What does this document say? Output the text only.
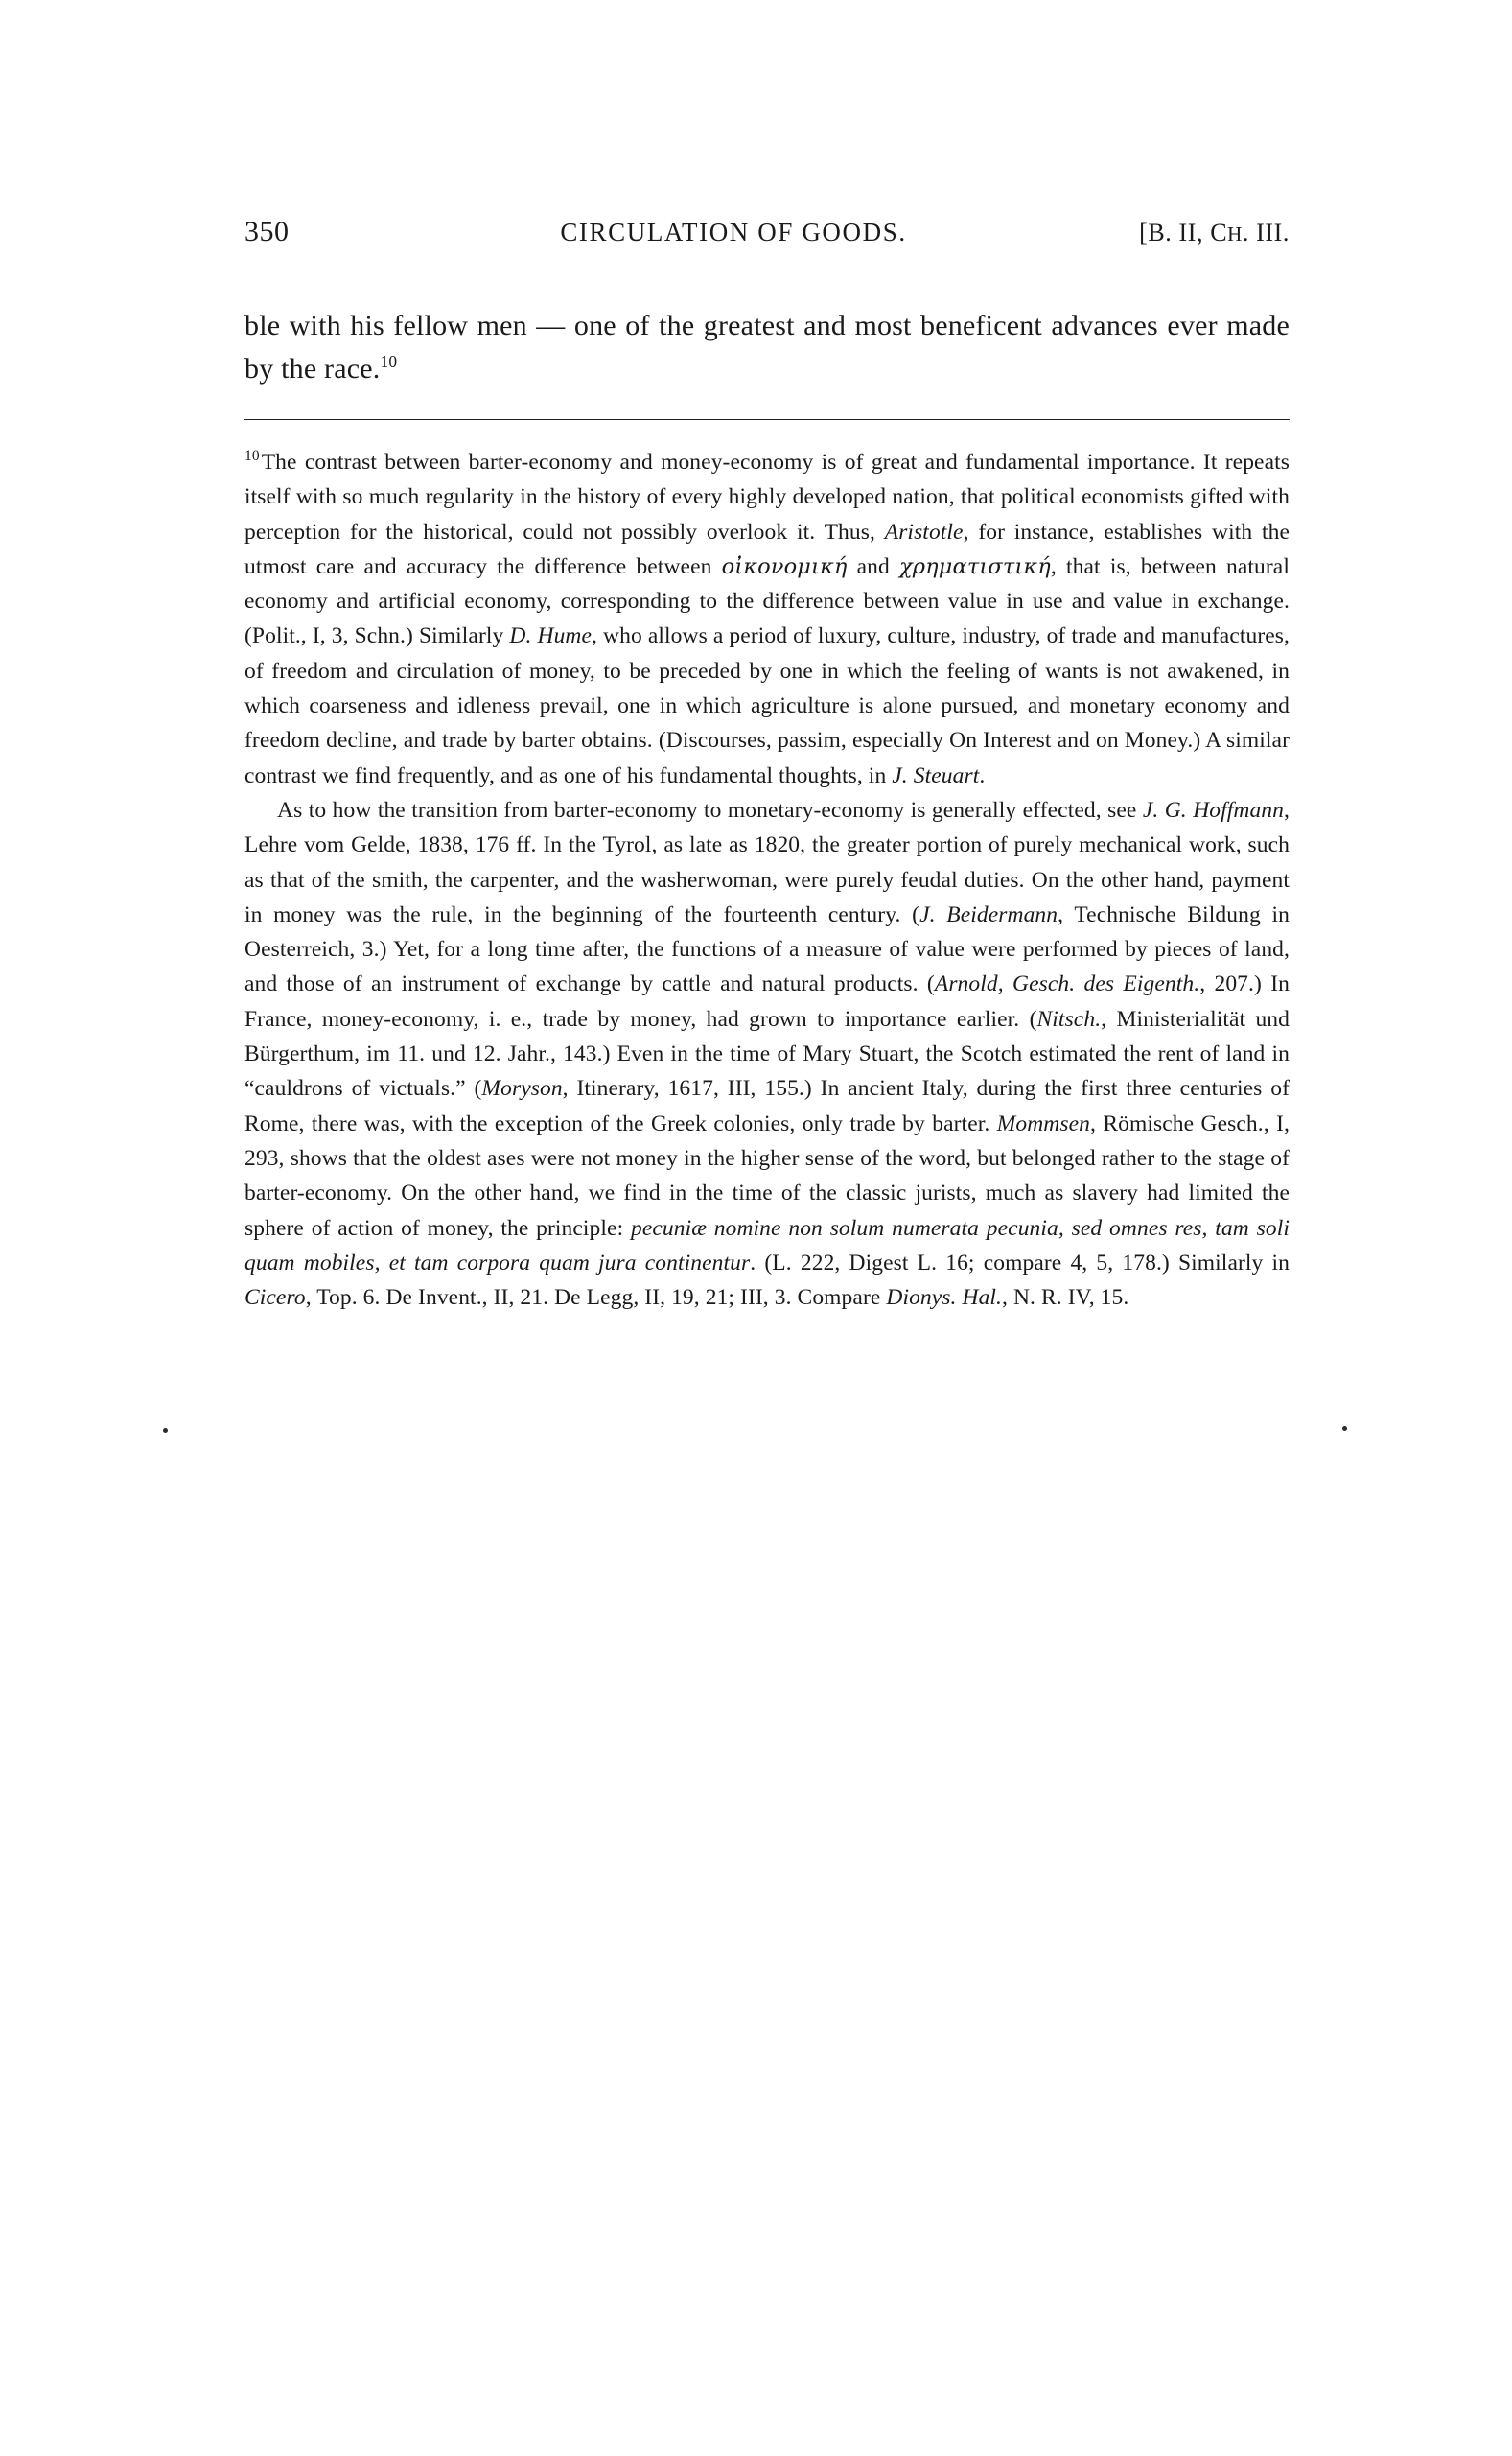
350	CIRCULATION OF GOODS.	[B. II, CH. III.
ble with his fellow men — one of the greatest and most beneficent advances ever made by the race.$^{10}$

$^{10}$The contrast between barter-economy and money-economy is of great and fundamental importance. It repeats itself with so much regularity in the history of every highly developed nation, that political economists gifted with perception for the historical, could not possibly overlook it. Thus, Aristotle, for instance, establishes with the utmost care and accuracy the difference between οἰκονομική and χρηματιστική, that is, between natural economy and artificial economy, corresponding to the difference between value in use and value in exchange. (Polit., I, 3, Schn.) Similarly D. Hume, who allows a period of luxury, culture, industry, of trade and manufactures, of freedom and circulation of money, to be preceded by one in which the feeling of wants is not awakened, in which coarseness and idleness prevail, one in which agriculture is alone pursued, and monetary economy and freedom decline, and trade by barter obtains. (Discourses, passim, especially On Interest and on Money.) A similar contrast we find frequently, and as one of his fundamental thoughts, in J. Steuart.

As to how the transition from barter-economy to monetary-economy is generally effected, see J. G. Hoffmann, Lehre vom Gelde, 1838, 176 ff. In the Tyrol, as late as 1820, the greater portion of purely mechanical work, such as that of the smith, the carpenter, and the washerwoman, were purely feudal duties. On the other hand, payment in money was the rule, in the beginning of the fourteenth century. (J. Beidermann, Technische Bildung in Oesterreich, 3.) Yet, for a long time after, the functions of a measure of value were performed by pieces of land, and those of an instrument of exchange by cattle and natural products. (Arnold, Gesch. des Eigenth., 207.) In France, money-economy, i. e., trade by money, had grown to importance earlier. (Nitsch., Ministerialität und Bürgerthum, im 11. und 12. Jahr., 143.) Even in the time of Mary Stuart, the Scotch estimated the rent of land in “cauldrons of victuals.” (Moryson, Itinerary, 1617, III, 155.) In ancient Italy, during the first three centuries of Rome, there was, with the exception of the Greek colonies, only trade by barter. Mommsen, Römische Gesch., I, 293, shows that the oldest ases were not money in the higher sense of the word, but belonged rather to the stage of barter-economy. On the other hand, we find in the time of the classic jurists, much as slavery had limited the sphere of action of money, the principle: pecuniæ nomine non solum numerata pecunia, sed omnes res, tam soli quam mobiles, et tam corpora quam jura continentur. (L. 222, Digest L. 16; compare 4, 5, 178.) Similarly in Cicero, Top. 6. De Invent., II, 21. De Legg, II, 19, 21; III, 3. Compare Dionys. Hal., N. R. IV, 15.
